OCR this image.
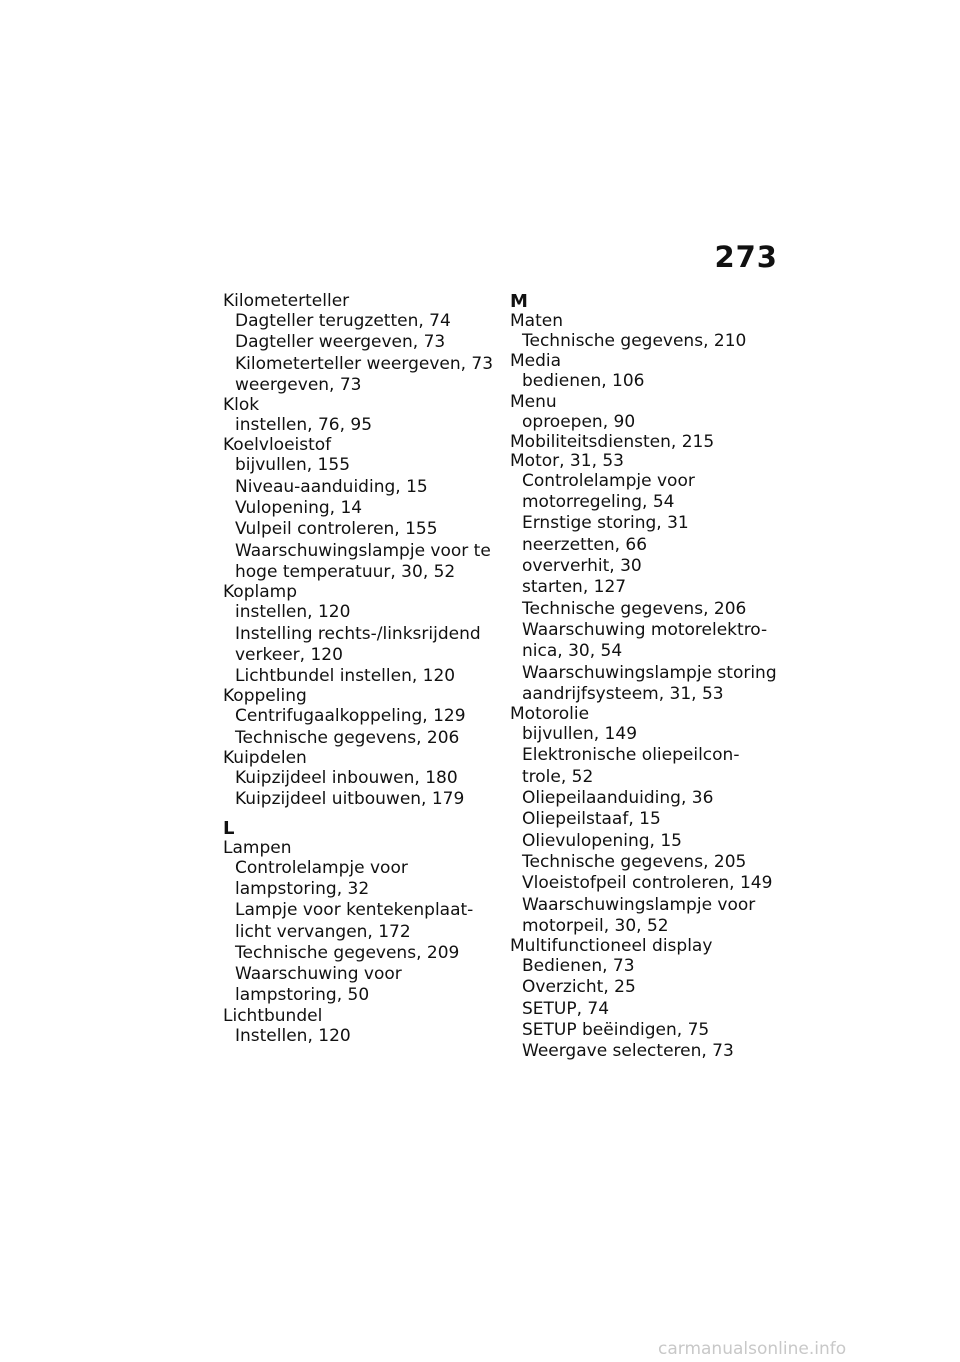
273
Kilometerteller
Dagteller terugzetten, 74
Dagteller weergeven, 73
Kilometerteller weergeven, 73
weergeven, 73
Klok
instellen, 76, 95
Koelvloeistof
bijvullen, 155
Niveau-aanduiding, 15
Vulopening, 14
Vulpeil controleren, 155
Waarschuwingslampje voor te
hoge temperatuur, 30, 52
Koplamp
instellen, 120
Instelling rechts-/linksrijdend
verkeer, 120
Lichtbundel instellen, 120
Koppeling
Centrifugaalkoppeling, 129
Technische gegevens, 206
Kuipdelen
Kuipzijdeel inbouwen, 180
Kuipzijdeel uitbouwen, 179
L
Lampen
Controlelampje voor
lampstoring, 32
Lampje voor kentekenplaat-
licht vervangen, 172
Technische gegevens, 209
Waarschuwing voor
lampstoring, 50
Lichtbundel
Instellen, 120
M
Maten
Technische gegevens, 210
Media
bedienen, 106
Menu
oproepen, 90
Mobiliteitsdiensten, 215
Motor, 31, 53
Controlelampje voor
motorregeling, 54
Ernstige storing, 31
neerzetten, 66
oververhit, 30
starten, 127
Technische gegevens, 206
Waarschuwing motorelektro-
nica, 30, 54
Waarschuwingslampje storing
aandrijfsysteem, 31, 53
Motorolie
bijvullen, 149
Elektronische oliepeilcon-
trole, 52
Oliepeilaanduiding, 36
Oliepeilstaaf, 15
Olievulopening, 15
Technische gegevens, 205
Vloeistofpeil controleren, 149
Waarschuwingslampje voor
motorpeil, 30, 52
Multifunctioneel display
Bedienen, 73
Overzicht, 25
SETUP, 74
SETUP beëindigen, 75
Weergave selecteren, 73
carmanualsonline.info
